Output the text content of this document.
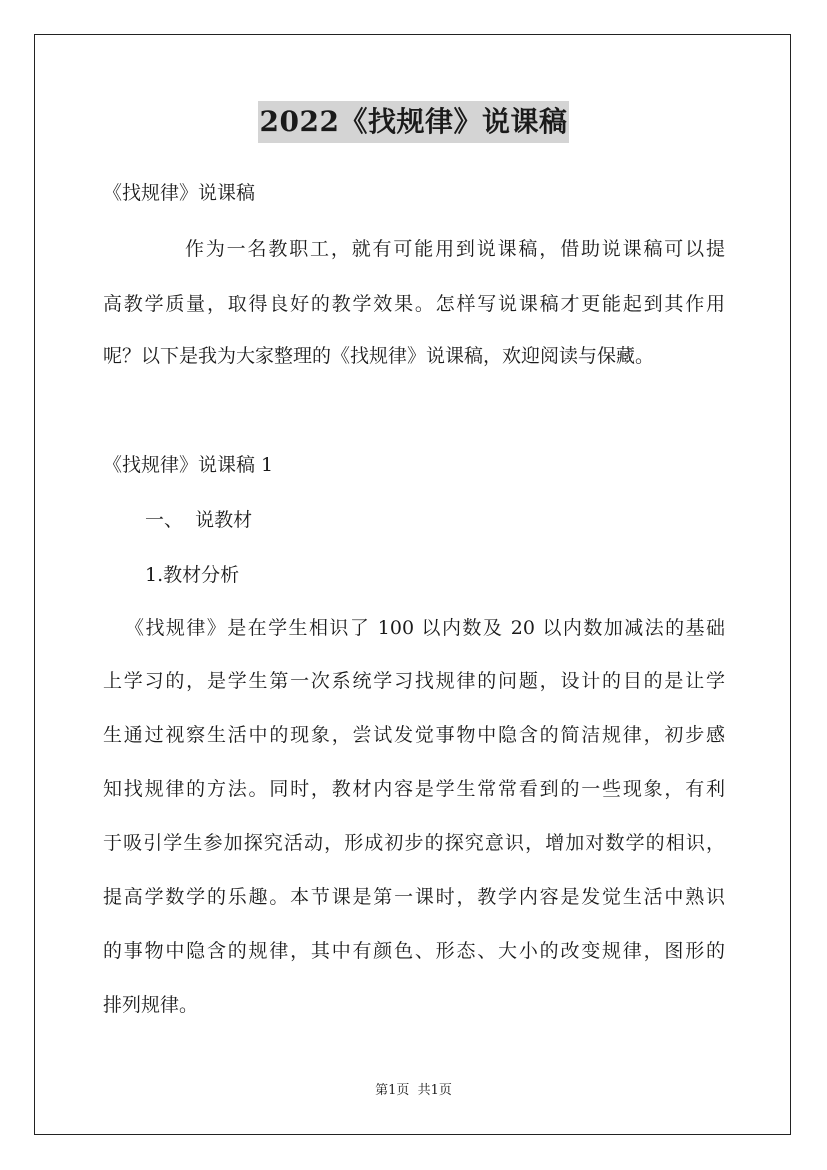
2022《找规律》说课稿
《找规律》说课稿
作为一名教职工，就有可能用到说课稿，借助说课稿可以提
高教学质量，取得良好的教学效果。怎样写说课稿才更能起到其作用
呢？以下是我为大家整理的《找规律》说课稿，欢迎阅读与保藏。
《找规律》说课稿 1
一、  说教材
1.教材分析
《找规律》是在学生相识了 100 以内数及 20 以内数加减法的基础
上学习的，是学生第一次系统学习找规律的问题，设计的目的是让学
生通过视察生活中的现象，尝试发觉事物中隐含的简洁规律，初步感
知找规律的方法。同时，教材内容是学生常常看到的一些现象，有利
于吸引学生参加探究活动，形成初步的探究意识，增加对数学的相识，
提高学数学的乐趣。本节课是第一课时，教学内容是发觉生活中熟识
的事物中隐含的规律，其中有颜色、形态、大小的改变规律，图形的
排列规律。
第1页  共1页
